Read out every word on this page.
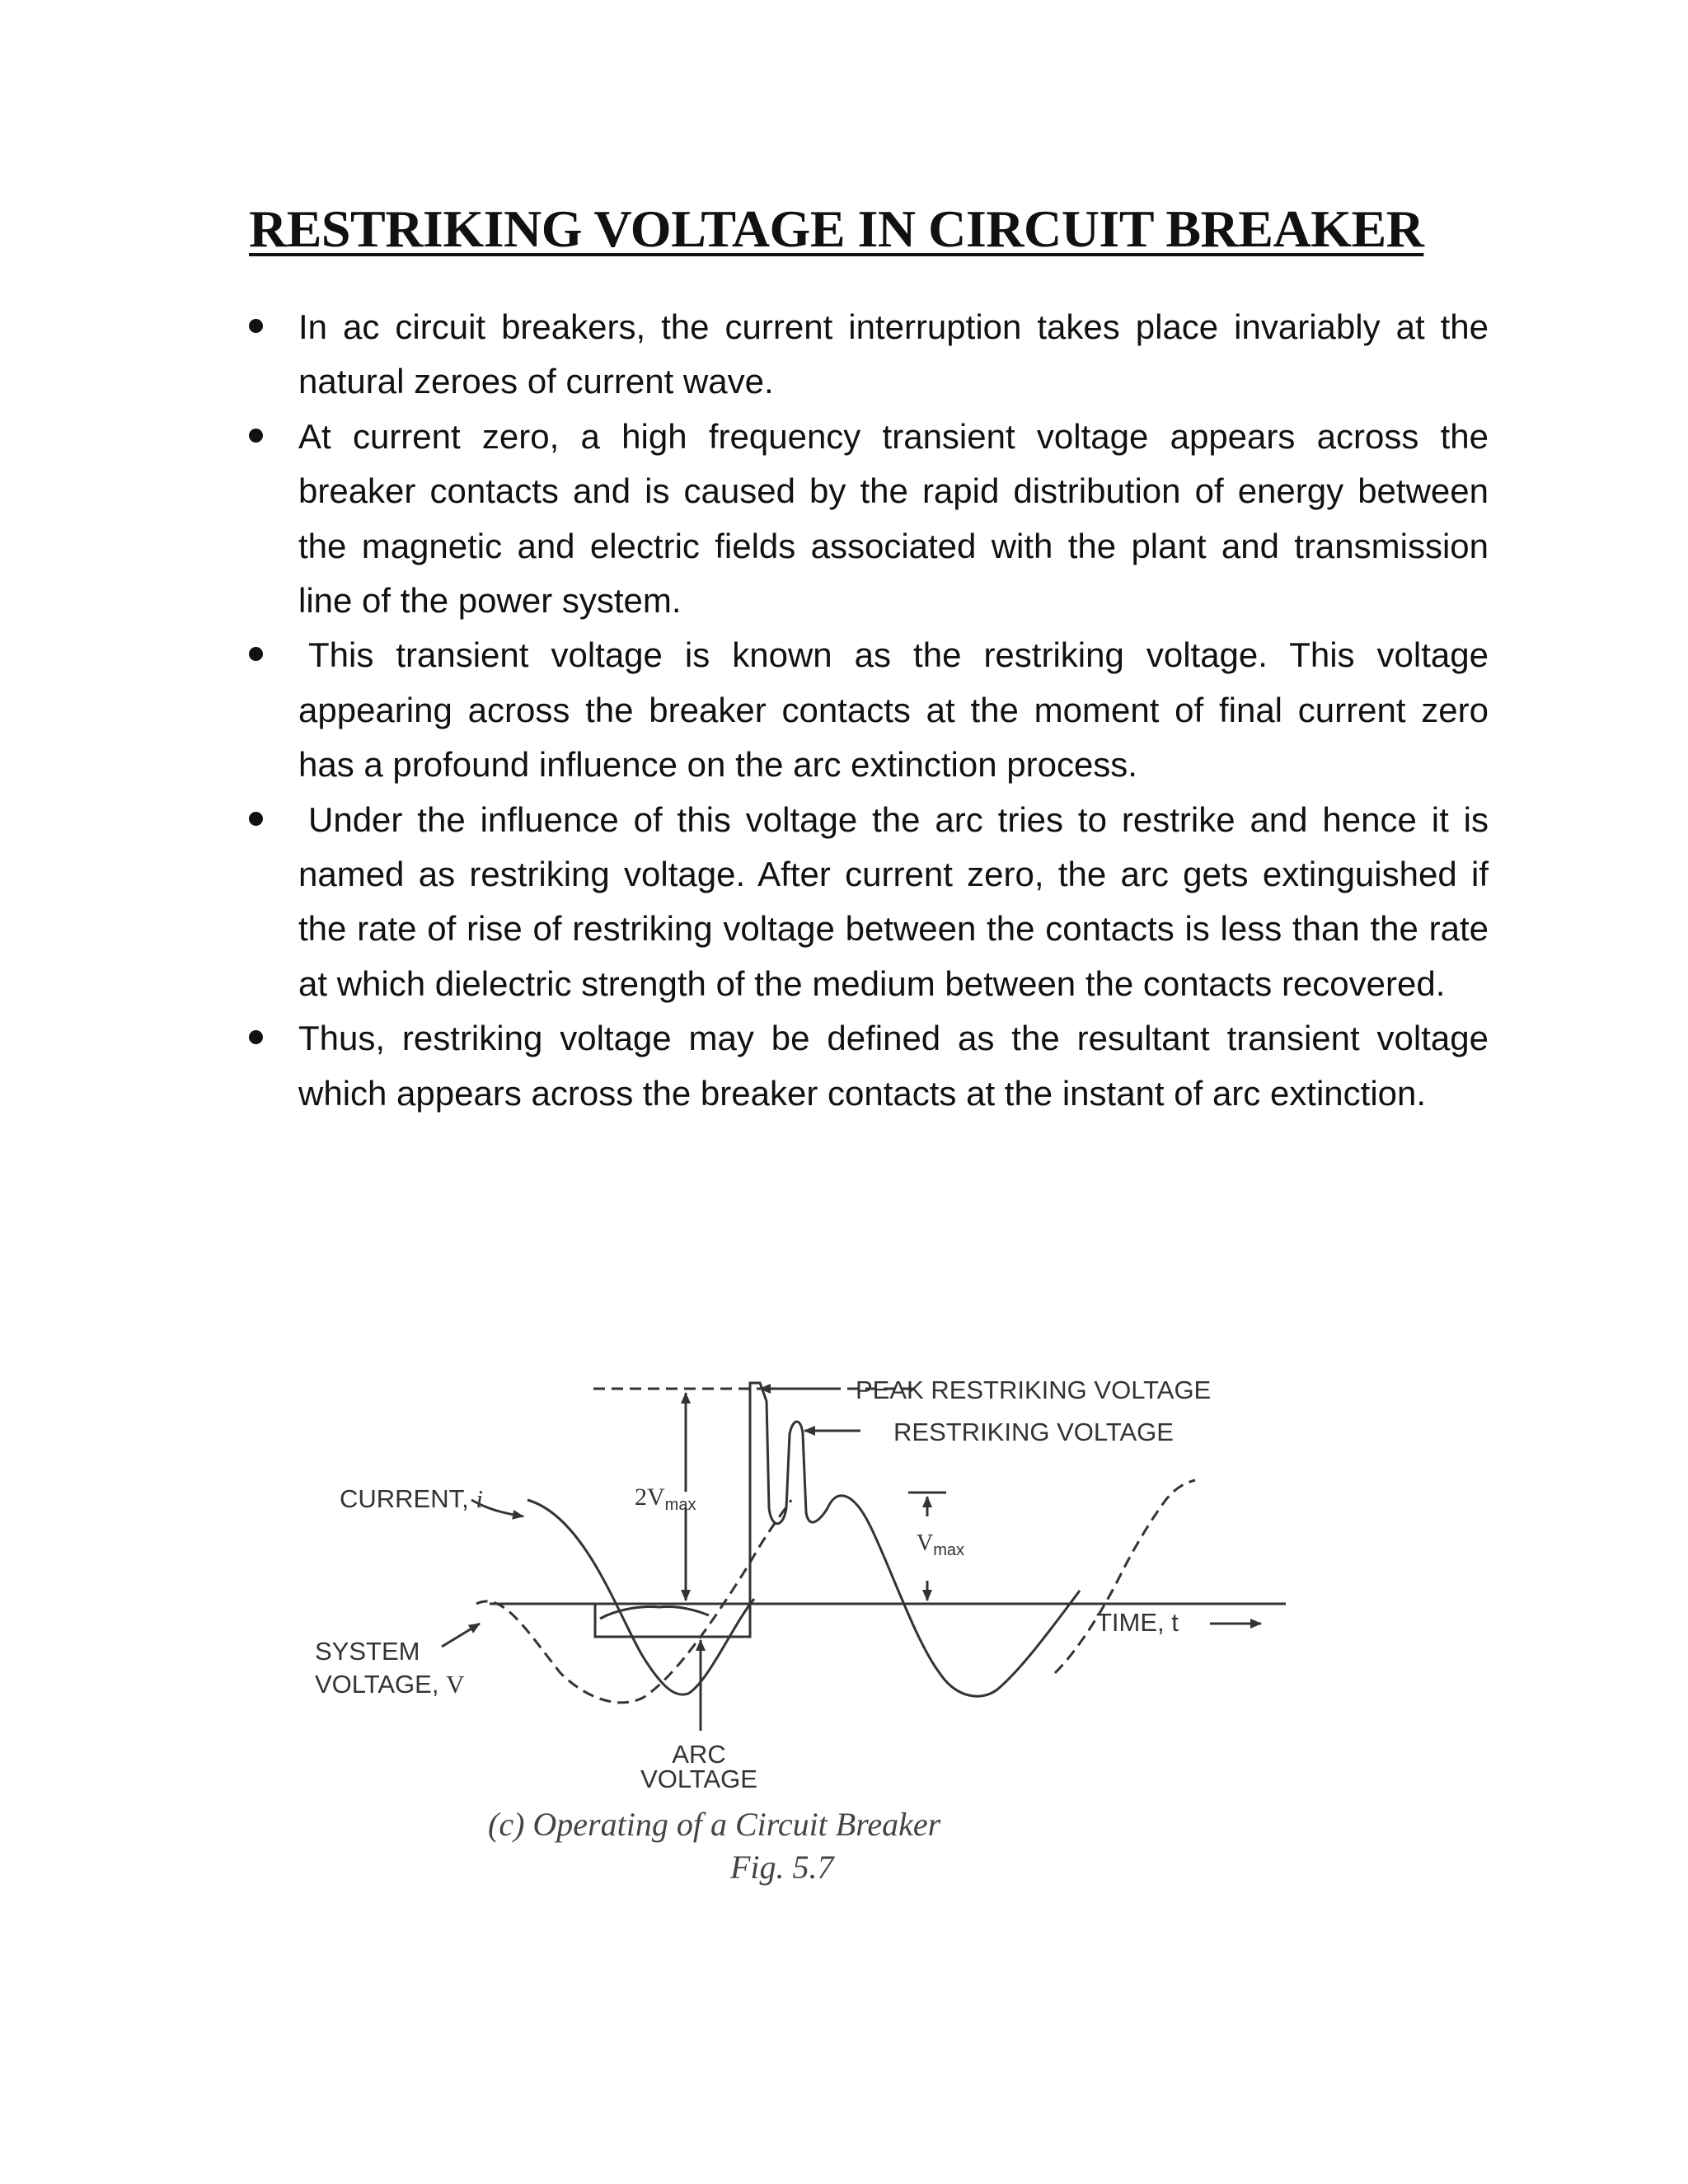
RESTRIKING VOLTAGE IN CIRCUIT BREAKER
In ac circuit breakers, the current interruption takes place invariably at the natural zeroes of current wave.
At current zero, a high frequency transient voltage appears across the breaker contacts and is caused by the rapid distribution of energy between the magnetic and electric fields associated with the plant and transmission line of the power system.
This transient voltage is known as the restriking voltage. This voltage appearing across the breaker contacts at the moment of final current zero has a profound influence on the arc extinction process.
Under the influence of this voltage the arc tries to restrike and hence it is named as restriking voltage. After current zero, the arc gets extinguished if the rate of rise of restriking voltage between the contacts is less than the rate at which dielectric strength of the medium between the contacts recovered.
Thus, restriking voltage may be defined as the resultant transient voltage which appears across the breaker contacts at the instant of arc extinction.
PEAK RESTRIKING VOLTAGE
RESTRIKING VOLTAGE
CURRENT, i	$2V_{max}$
$V_{max}$
TIME, t
SYSTEM
VOLTAGE, V
ARC
VOLTAGE
(c) Operating of a Circuit Breaker
Fig. 5.7
